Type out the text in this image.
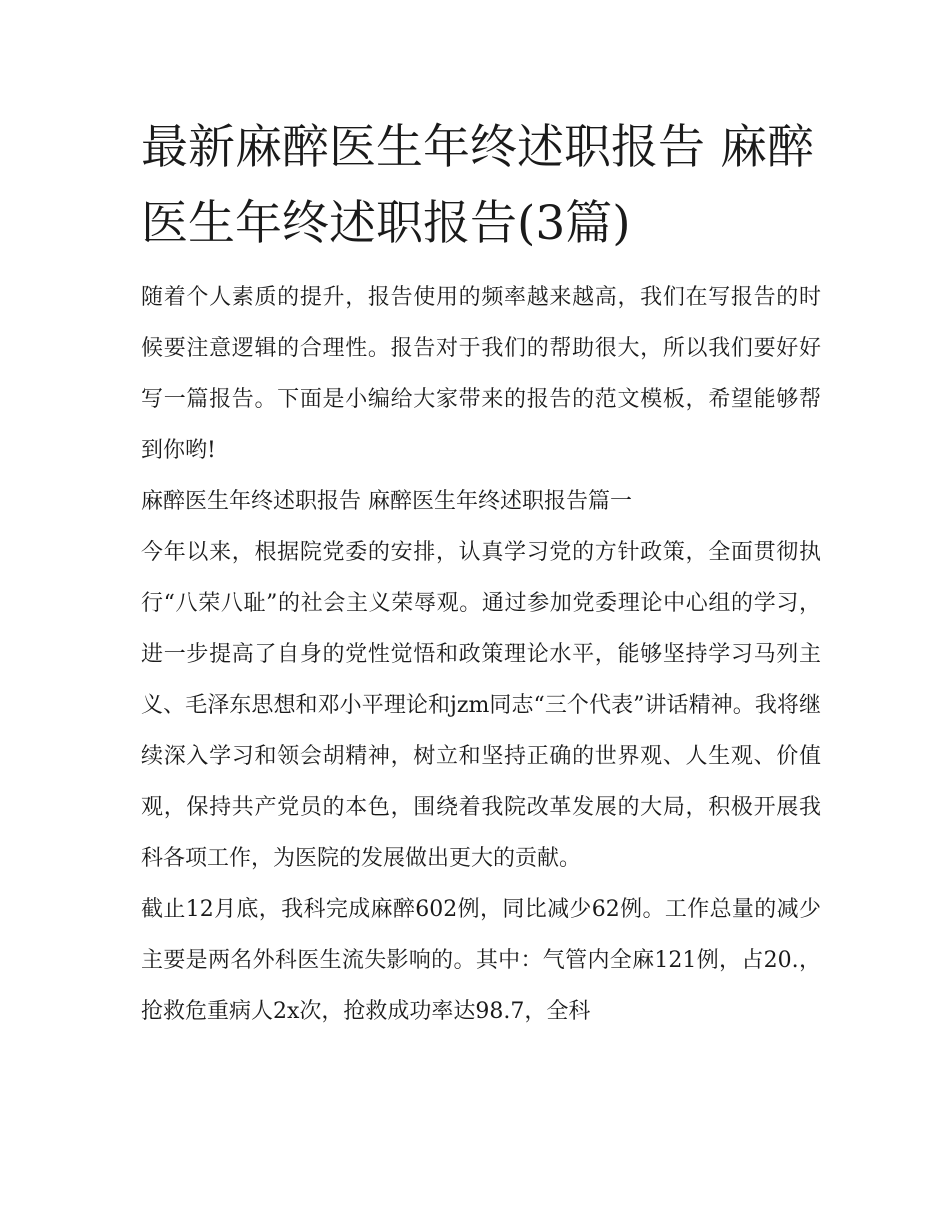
最新麻醉医生年终述职报告 麻醉医生年终述职报告(3篇)

随着个人素质的提升，报告使用的频率越来越高，我们在写报告的时候要注意逻辑的合理性。报告对于我们的帮助很大，所以我们要好好写一篇报告。下面是小编给大家带来的报告的范文模板，希望能够帮到你哟!

麻醉医生年终述职报告 麻醉医生年终述职报告篇一

今年以来，根据院党委的安排，认真学习党的方针政策，全面贯彻执行“八荣八耻”的社会主义荣辱观。通过参加党委理论中心组的学习，进一步提高了自身的党性觉悟和政策理论水平，能够坚持学习马列主义、毛泽东思想和邓小平理论和jzm同志“三个代表”讲话精神。我将继续深入学习和领会胡精神，树立和坚持正确的世界观、人生观、价值观，保持共产党员的本色，围绕着我院改革发展的大局，积极开展我科各项工作，为医院的发展做出更大的贡献。

截止12月底，我科完成麻醉602例，同比减少62例。工作总量的减少主要是两名外科医生流失影响的。其中：气管内全麻121例，占20.，抢救危重病人2x次，抢救成功率达98.7，全科
